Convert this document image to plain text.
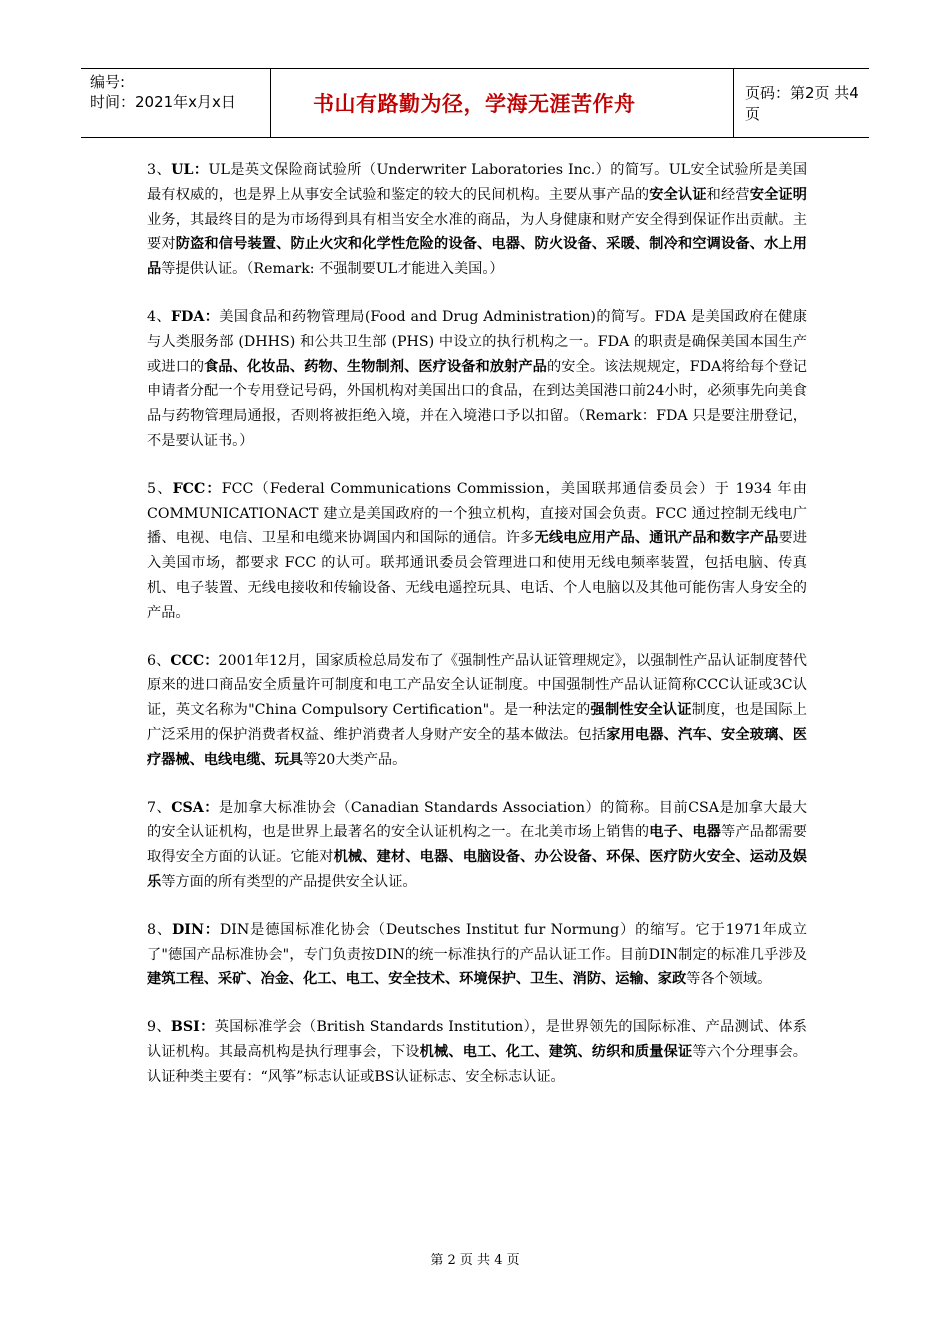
编号:
时间：2021年x月x日	书山有路勤为径，学海无涯苦作舟	页码：第2页 共4页

3、UL：UL是英文保险商试验所（Underwriter Laboratories Inc.）的简写。UL安全试验所是美国最有权威的，也是界上从事安全试验和鉴定的较大的民间机构。主要从事产品的安全认证和经营安全证明业务，其最终目的是为市场得到具有相当安全水准的商品，为人身健康和财产安全得到保证作出贡献。主要对防盗和信号装置、防止火灾和化学性危险的设备、电器、防火设备、采暖、制冷和空调设备、水上用品等提供认证。（Remark: 不强制要UL才能进入美国。）

4、FDA：美国食品和药物管理局(Food and Drug Administration)的简写。FDA 是美国政府在健康与人类服务部 (DHHS) 和公共卫生部 (PHS) 中设立的执行机构之一。FDA 的职责是确保美国本国生产或进口的食品、化妆品、药物、生物制剂、医疗设备和放射产品的安全。该法规规定，FDA将给每个登记申请者分配一个专用登记号码，外国机构对美国出口的食品，在到达美国港口前24小时，必须事先向美食品与药物管理局通报，否则将被拒绝入境，并在入境港口予以扣留。（Remark：FDA 只是要注册登记，不是要认证书。）

5、FCC：FCC（Federal Communications Commission，美国联邦通信委员会）于 1934 年由COMMUNICATIONACT 建立是美国政府的一个独立机构，直接对国会负责。FCC 通过控制无线电广播、电视、电信、卫星和电缆来协调国内和国际的通信。许多无线电应用产品、通讯产品和数字产品要进入美国市场，都要求 FCC 的认可。联邦通讯委员会管理进口和使用无线电频率装置，包括电脑、传真机、电子装置、无线电接收和传输设备、无线电遥控玩具、电话、个人电脑以及其他可能伤害人身安全的产品。

6、CCC：2001年12月，国家质检总局发布了《强制性产品认证管理规定》，以强制性产品认证制度替代原来的进口商品安全质量许可制度和电工产品安全认证制度。中国强制性产品认证简称CCC认证或3C认证，英文名称为"China Compulsory Certification"。是一种法定的强制性安全认证制度，也是国际上广泛采用的保护消费者权益、维护消费者人身财产安全的基本做法。包括家用电器、汽车、安全玻璃、医疗器械、电线电缆、玩具等20大类产品。

7、CSA：是加拿大标准协会（Canadian Standards Association）的简称。目前CSA是加拿大最大的安全认证机构，也是世界上最著名的安全认证机构之一。在北美市场上销售的电子、电器等产品都需要取得安全方面的认证。它能对机械、建材、电器、电脑设备、办公设备、环保、医疗防火安全、运动及娱乐等方面的所有类型的产品提供安全认证。

8、DIN：DIN是德国标准化协会（Deutsches Institut fur Normung）的缩写。它于1971年成立了"德国产品标准协会"，专门负责按DIN的统一标准执行的产品认证工作。目前DIN制定的标准几乎涉及建筑工程、采矿、冶金、化工、电工、安全技术、环境保护、卫生、消防、运输、家政等各个领域。

9、BSI：英国标准学会（British Standards Institution），是世界领先的国际标准、产品测试、体系认证机构。其最高机构是执行理事会，下设机械、电工、化工、建筑、纺织和质量保证等六个分理事会。 认证种类主要有：“风筝”标志认证或BS认证标志、安全标志认证。

第 2 页 共 4 页
